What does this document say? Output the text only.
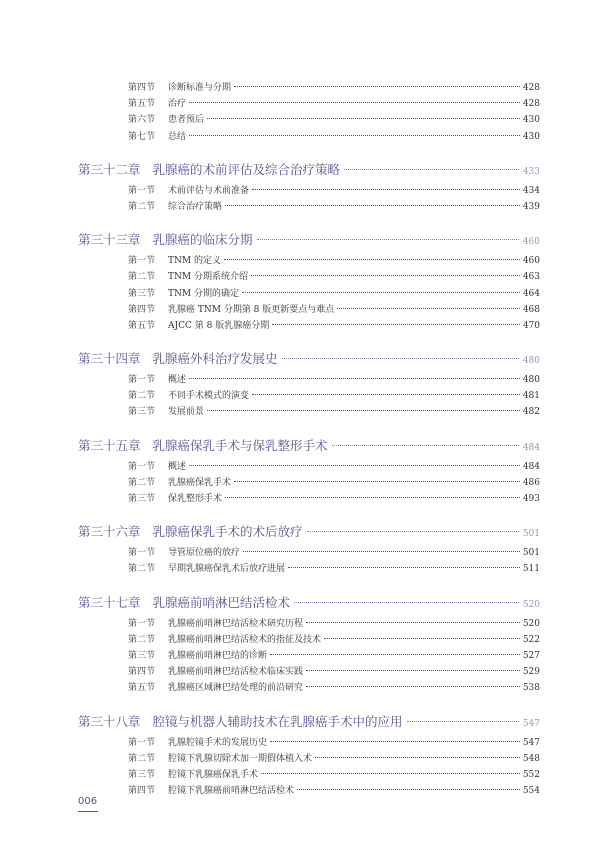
第四节	诊断标准与分期	428
第五节	治疗	428
第六节	患者预后	430
第七节	总结	430
第三十二章 乳腺癌的术前评估及综合治疗策略	433
第一节	术前评估与术前准备	434
第二节	综合治疗策略	439
第三十三章 乳腺癌的临床分期	460
第一节	TNM 的定义	460
第二节	TNM 分期系统介绍	463
第三节	TNM 分期的确定	464
第四节	乳腺癌 TNM 分期第 8 版更新要点与难点	468
第五节	AJCC 第 8 版乳腺癌分期	470
第三十四章 乳腺癌外科治疗发展史	480
第一节	概述	480
第二节	不同手术模式的演变	481
第三节	发展前景	482
第三十五章 乳腺癌保乳手术与保乳整形手术	484
第一节	概述	484
第二节	乳腺癌保乳手术	486
第三节	保乳整形手术	493
第三十六章 乳腺癌保乳手术的术后放疗	501
第一节	导管原位癌的放疗	501
第二节	早期乳腺癌保乳术后放疗进展	511
第三十七章 乳腺癌前哨淋巴结活检术	520
第一节	乳腺癌前哨淋巴结活检术研究历程	520
第二节	乳腺癌前哨淋巴结活检术的指征及技术	522
第三节	乳腺癌前哨淋巴结的诊断	527
第四节	乳腺癌前哨淋巴结活检术临床实践	529
第五节	乳腺癌区域淋巴结处理的前沿研究	538
第三十八章 腔镜与机器人辅助技术在乳腺癌手术中的应用	547
第一节	乳腺腔镜手术的发展历史	547
第二节	腔镜下乳腺切除术加一期假体植入术	548
第三节	腔镜下乳腺癌保乳手术	552
第四节	腔镜下乳腺癌前哨淋巴结活检术	554
006
